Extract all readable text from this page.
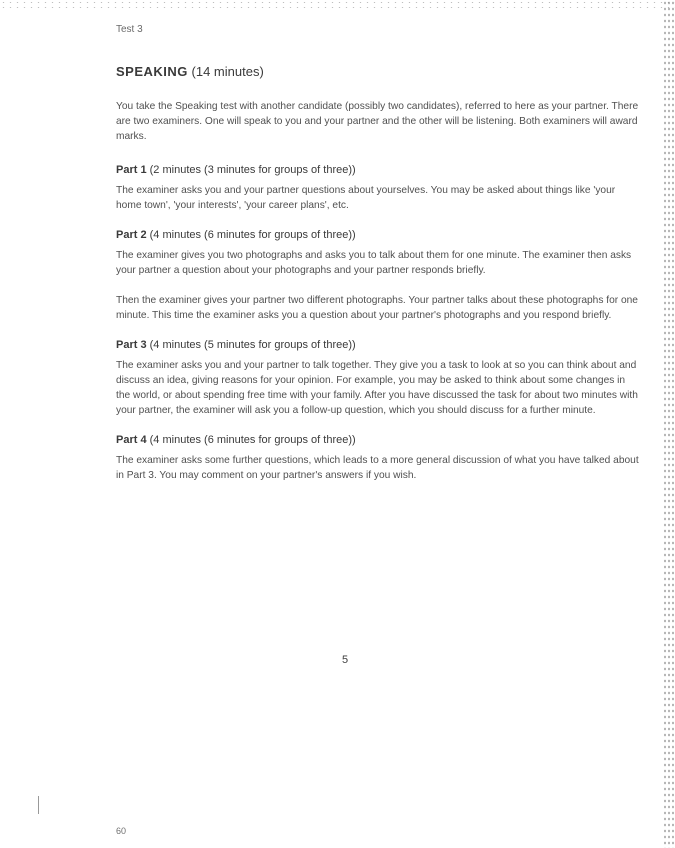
Test 3
SPEAKING (14 minutes)

You take the Speaking test with another candidate (possibly two candidates), referred to here as your partner. There are two examiners. One will speak to you and your partner and the other will be listening. Both examiners will award marks.

Part 1 (2 minutes (3 minutes for groups of three))

The examiner asks you and your partner questions about yourselves. You may be asked about things like 'your home town', 'your interests', 'your career plans', etc.

Part 2 (4 minutes (6 minutes for groups of three))

The examiner gives you two photographs and asks you to talk about them for one minute. The examiner then asks your partner a question about your photographs and your partner responds briefly.

Then the examiner gives your partner two different photographs. Your partner talks about these photographs for one minute. This time the examiner asks you a question about your partner's photographs and you respond briefly.

Part 3 (4 minutes (5 minutes for groups of three))

The examiner asks you and your partner to talk together. They give you a task to look at so you can think about and discuss an idea, giving reasons for your opinion. For example, you may be asked to think about some changes in the world, or about spending free time with your family. After you have discussed the task for about two minutes with your partner, the examiner will ask you a follow-up question, which you should discuss for a further minute.

Part 4 (4 minutes (6 minutes for groups of three))

The examiner asks some further questions, which leads to a more general discussion of what you have talked about in Part 3. You may comment on your partner's answers if you wish.

5
60
